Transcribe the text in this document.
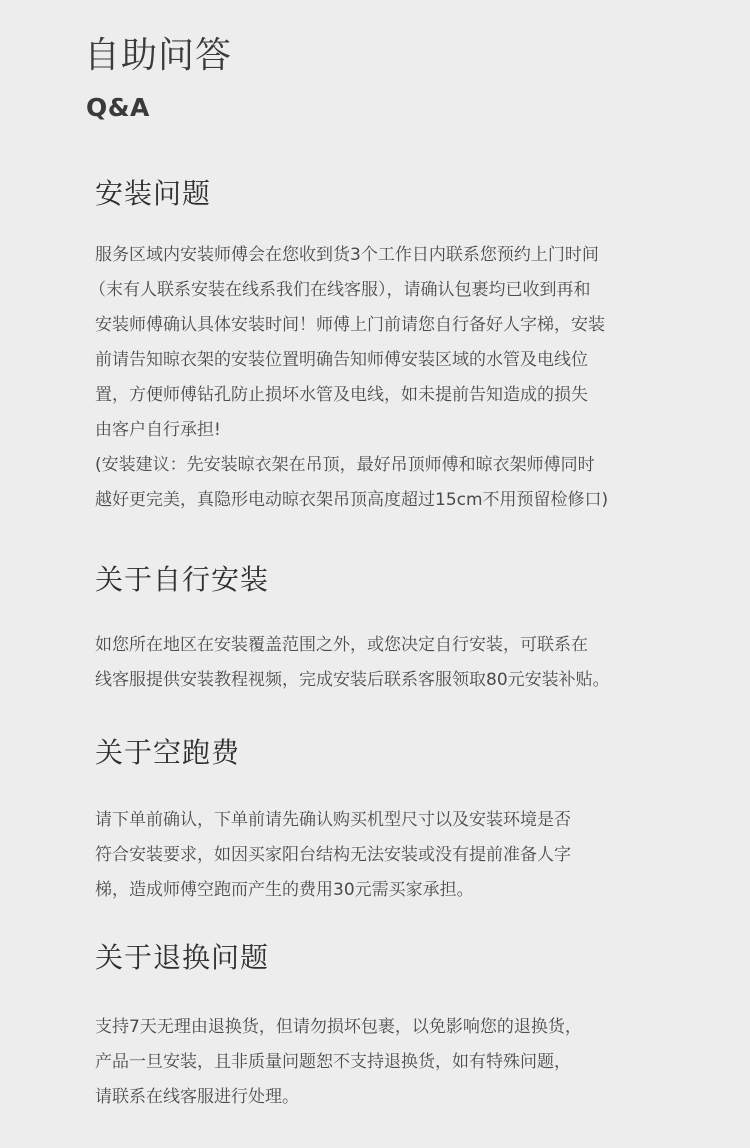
自助问答
Q&A
安装问题

服务区域内安装师傅会在您收到货3个工作日内联系您预约上门时间
（末有人联系安装在线系我们在线客服），请确认包裹均已收到再和
安装师傅确认具体安装时间！师傅上门前请您自行备好人字梯，安装
前请告知晾衣架的安装位置明确告知师傅安装区域的水管及电线位
置，方便师傅钻孔防止损坏水管及电线，如未提前告知造成的损失
由客户自行承担!
(安装建议：先安装晾衣架在吊顶，最好吊顶师傅和晾衣架师傅同时
越好更完美，真隐形电动晾衣架吊顶高度超过15cm不用预留检修口)

关于自行安装

如您所在地区在安装覆盖范围之外，或您决定自行安装，可联系在
线客服提供安装教程视频，完成安装后联系客服领取80元安装补贴。

关于空跑费

请下单前确认，下单前请先确认购买机型尺寸以及安装环境是否
符合安装要求，如因买家阳台结构无法安装或没有提前准备人字
梯，造成师傅空跑而产生的费用30元需买家承担。

关于退换问题

支持7天无理由退换货，但请勿损坏包裹，以免影响您的退换货，
产品一旦安装，且非质量问题恕不支持退换货，如有特殊问题，
请联系在线客服进行处理。
